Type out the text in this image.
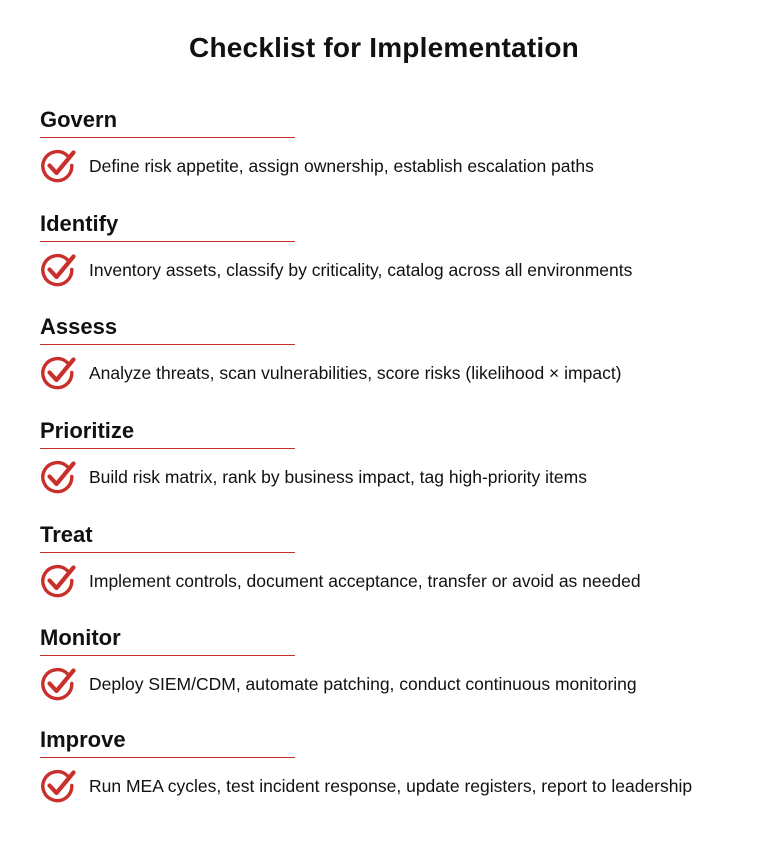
Checklist for Implementation
Govern
Define risk appetite, assign ownership, establish escalation paths
Identify
Inventory assets, classify by criticality, catalog across all environments
Assess
Analyze threats, scan vulnerabilities, score risks (likelihood × impact)
Prioritize
Build risk matrix, rank by business impact, tag high-priority items
Treat
Implement controls, document acceptance, transfer or avoid as needed
Monitor
Deploy SIEM/CDM, automate patching, conduct continuous monitoring
Improve
Run MEA cycles, test incident response, update registers, report to leadership
